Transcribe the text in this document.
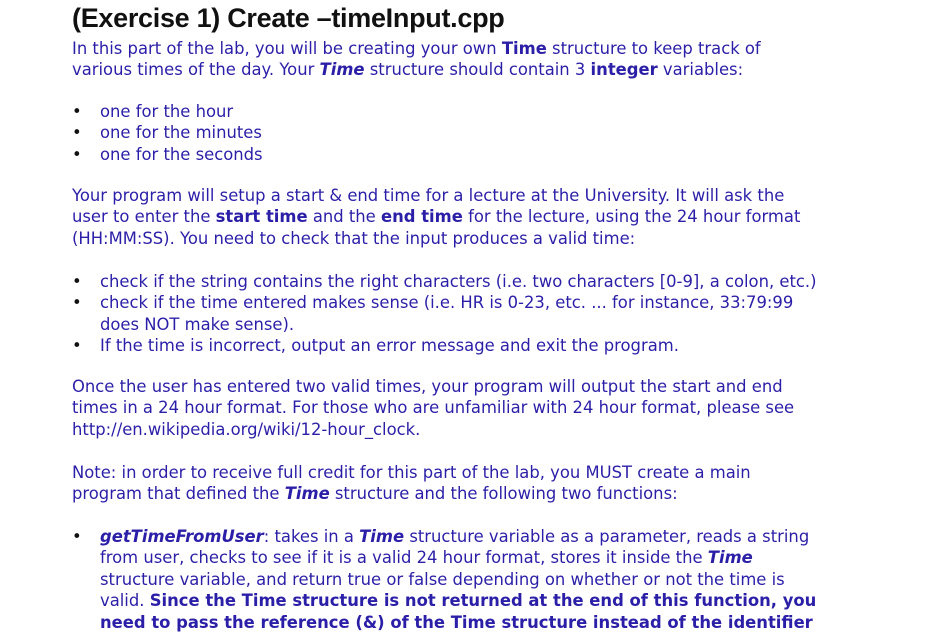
(Exercise 1) Create –timeInput.cpp
In this part of the lab, you will be creating your own Time structure to keep track of
various times of the day. Your Time structure should contain 3 integer variables:
• one for the hour
• one for the minutes
• one for the seconds
Your program will setup a start & end time for a lecture at the University. It will ask the
user to enter the start time and the end time for the lecture, using the 24 hour format
(HH:MM:SS). You need to check that the input produces a valid time:
• check if the string contains the right characters (i.e. two characters [0-9], a colon, etc.)
• check if the time entered makes sense (i.e. HR is 0-23, etc. ... for instance, 33:79:99
does NOT make sense).
• If the time is incorrect, output an error message and exit the program.
Once the user has entered two valid times, your program will output the start and end
times in a 24 hour format. For those who are unfamiliar with 24 hour format, please see
http://en.wikipedia.org/wiki/12-hour_clock.
Note: in order to receive full credit for this part of the lab, you MUST create a main
program that defined the Time structure and the following two functions:
• getTimeFromUser: takes in a Time structure variable as a parameter, reads a string
from user, checks to see if it is a valid 24 hour format, stores it inside the Time
structure variable, and return true or false depending on whether or not the time is
valid. Since the Time structure is not returned at the end of this function, you
need to pass the reference (&) of the Time structure instead of the identifier
